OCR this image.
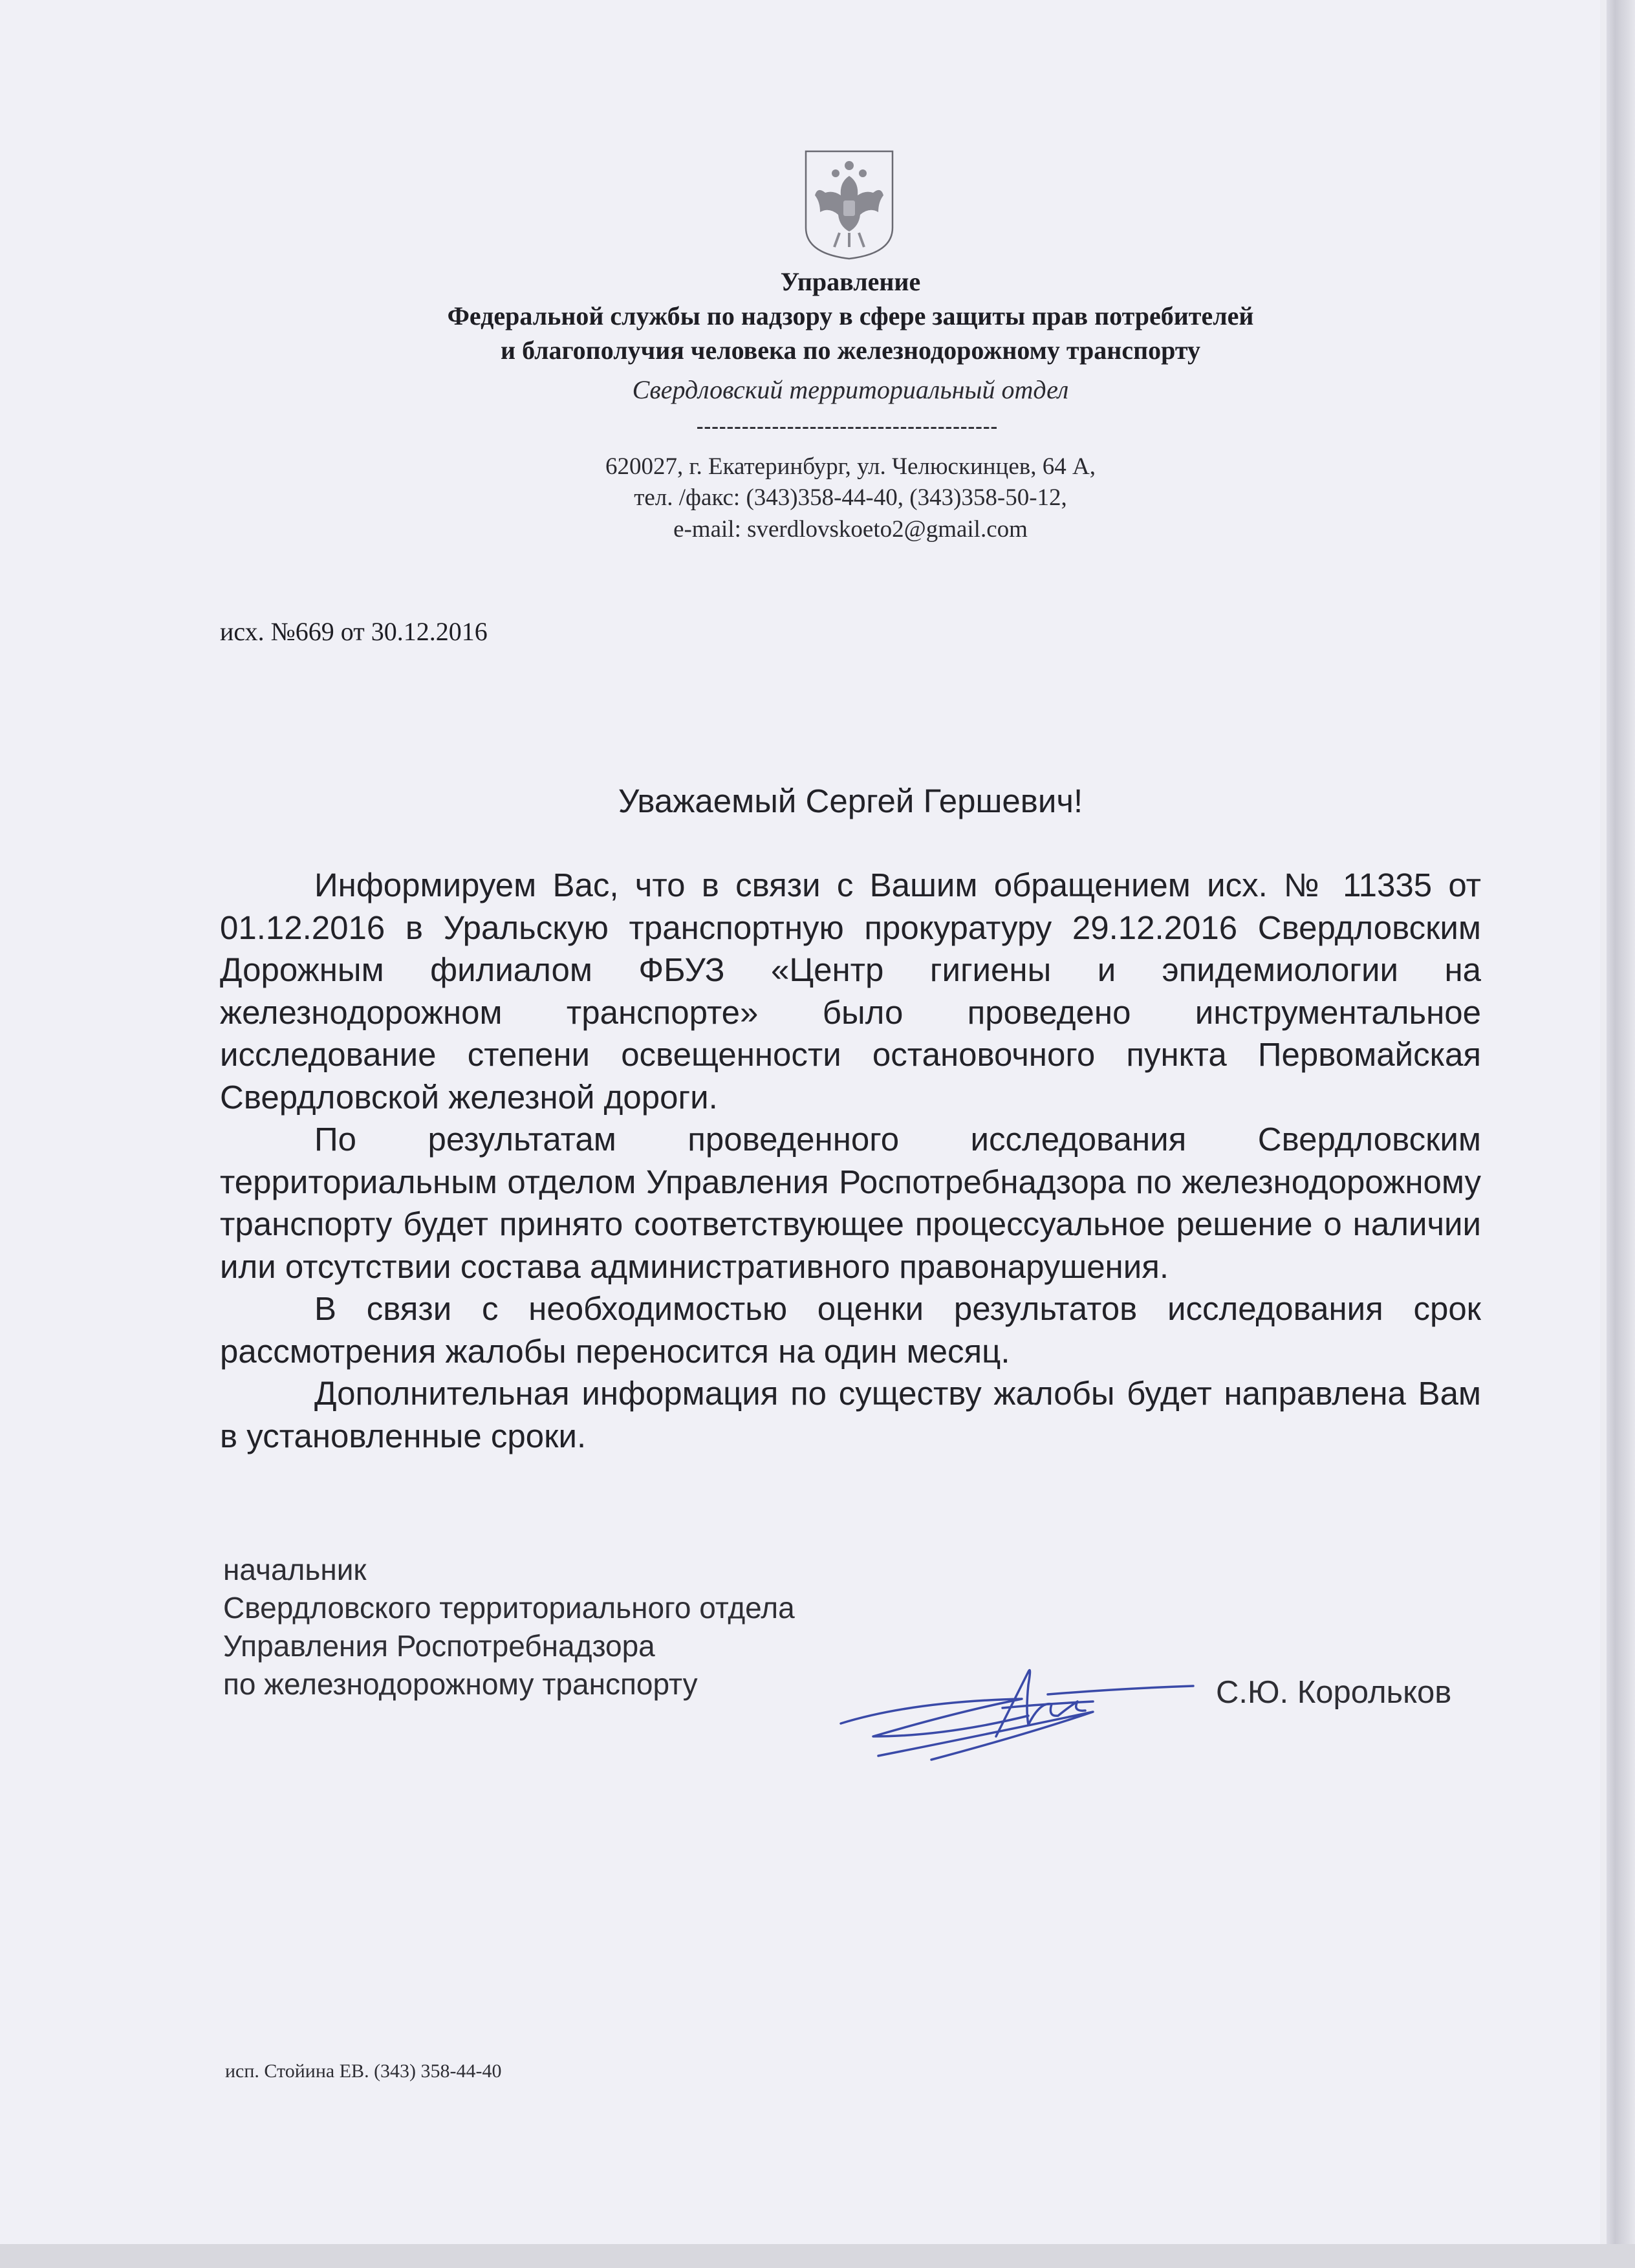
Управление
Федеральной службы по надзору в сфере защиты прав потребителей
и благополучия человека по железнодорожному транспорту
Свердловский территориальный отдел
----------------------------------------
620027, г. Екатеринбург, ул. Челюскинцев, 64 А,
тел. /факс: (343)358-44-40, (343)358-50-12,
e-mail: sverdlovskoeto2@gmail.com
исх. №669 от 30.12.2016
Уважаемый Сергей Гершевич!

Информируем Вас, что в связи с Вашим обращением исх. № 11335 от 01.12.2016 в Уральскую транспортную прокуратуру 29.12.2016 Свердловским Дорожным филиалом ФБУЗ «Центр гигиены и эпидемиологии на железнодорожном транспорте» было проведено инструментальное исследование степени освещенности остановочного пункта Первомайская Свердловской железной дороги.

По результатам проведенного исследования Свердловским территориальным отделом Управления Роспотребнадзора по железнодорожному транспорту будет принято соответствующее процессуальное решение о наличии или отсутствии состава административного правонарушения.

В связи с необходимостью оценки результатов исследования срок рассмотрения жалобы переносится на один месяц.

Дополнительная информация по существу жалобы будет направлена Вам в установленные сроки.

начальник
Свердловского территориального отдела
Управления Роспотребнадзора
по железнодорожному транспорту	С.Ю. Корольков
исп. Стойина ЕВ. (343) 358-44-40
